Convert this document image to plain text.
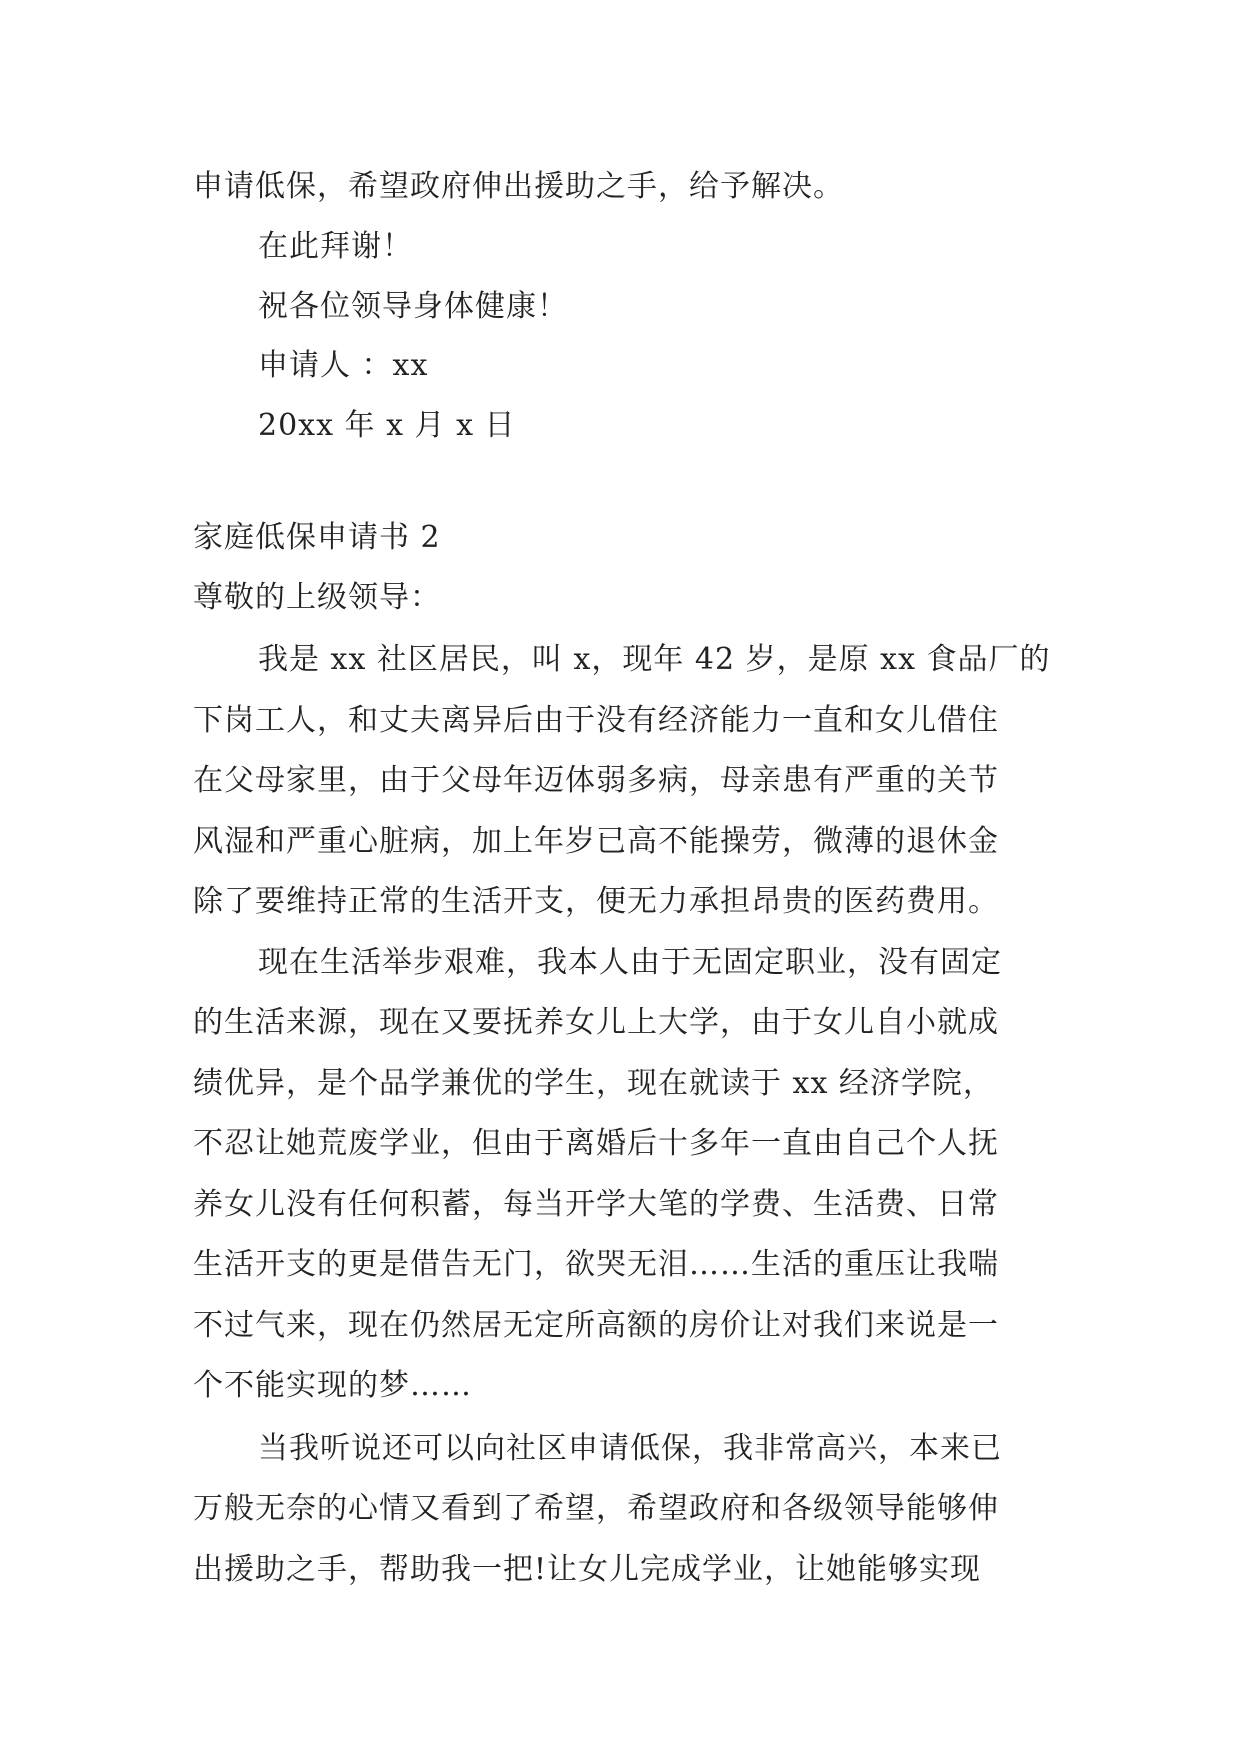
申请低保，希望政府伸出援助之手，给予解决。
在此拜谢！
祝各位领导身体健康！
申请人 ：xx
20xx 年 x 月 x 日
家庭低保申请书 2
尊敬的上级领导：
我是 xx 社区居民，叫 x，现年 42 岁，是原 xx 食品厂的
下岗工人，和丈夫离异后由于没有经济能力一直和女儿借住
在父母家里，由于父母年迈体弱多病，母亲患有严重的关节
风湿和严重心脏病，加上年岁已高不能操劳，微薄的退休金
除了要维持正常的生活开支，便无力承担昂贵的医药费用。
现在生活举步艰难，我本人由于无固定职业，没有固定
的生活来源，现在又要抚养女儿上大学，由于女儿自小就成
绩优异，是个品学兼优的学生，现在就读于 xx 经济学院，
不忍让她荒废学业，但由于离婚后十多年一直由自己个人抚
养女儿没有任何积蓄，每当开学大笔的学费、生活费、日常
生活开支的更是借告无门，欲哭无泪……生活的重压让我喘
不过气来，现在仍然居无定所高额的房价让对我们来说是一
个不能实现的梦……
当我听说还可以向社区申请低保，我非常高兴，本来已
万般无奈的心情又看到了希望，希望政府和各级领导能够伸
出援助之手，帮助我一把!让女儿完成学业，让她能够实现
